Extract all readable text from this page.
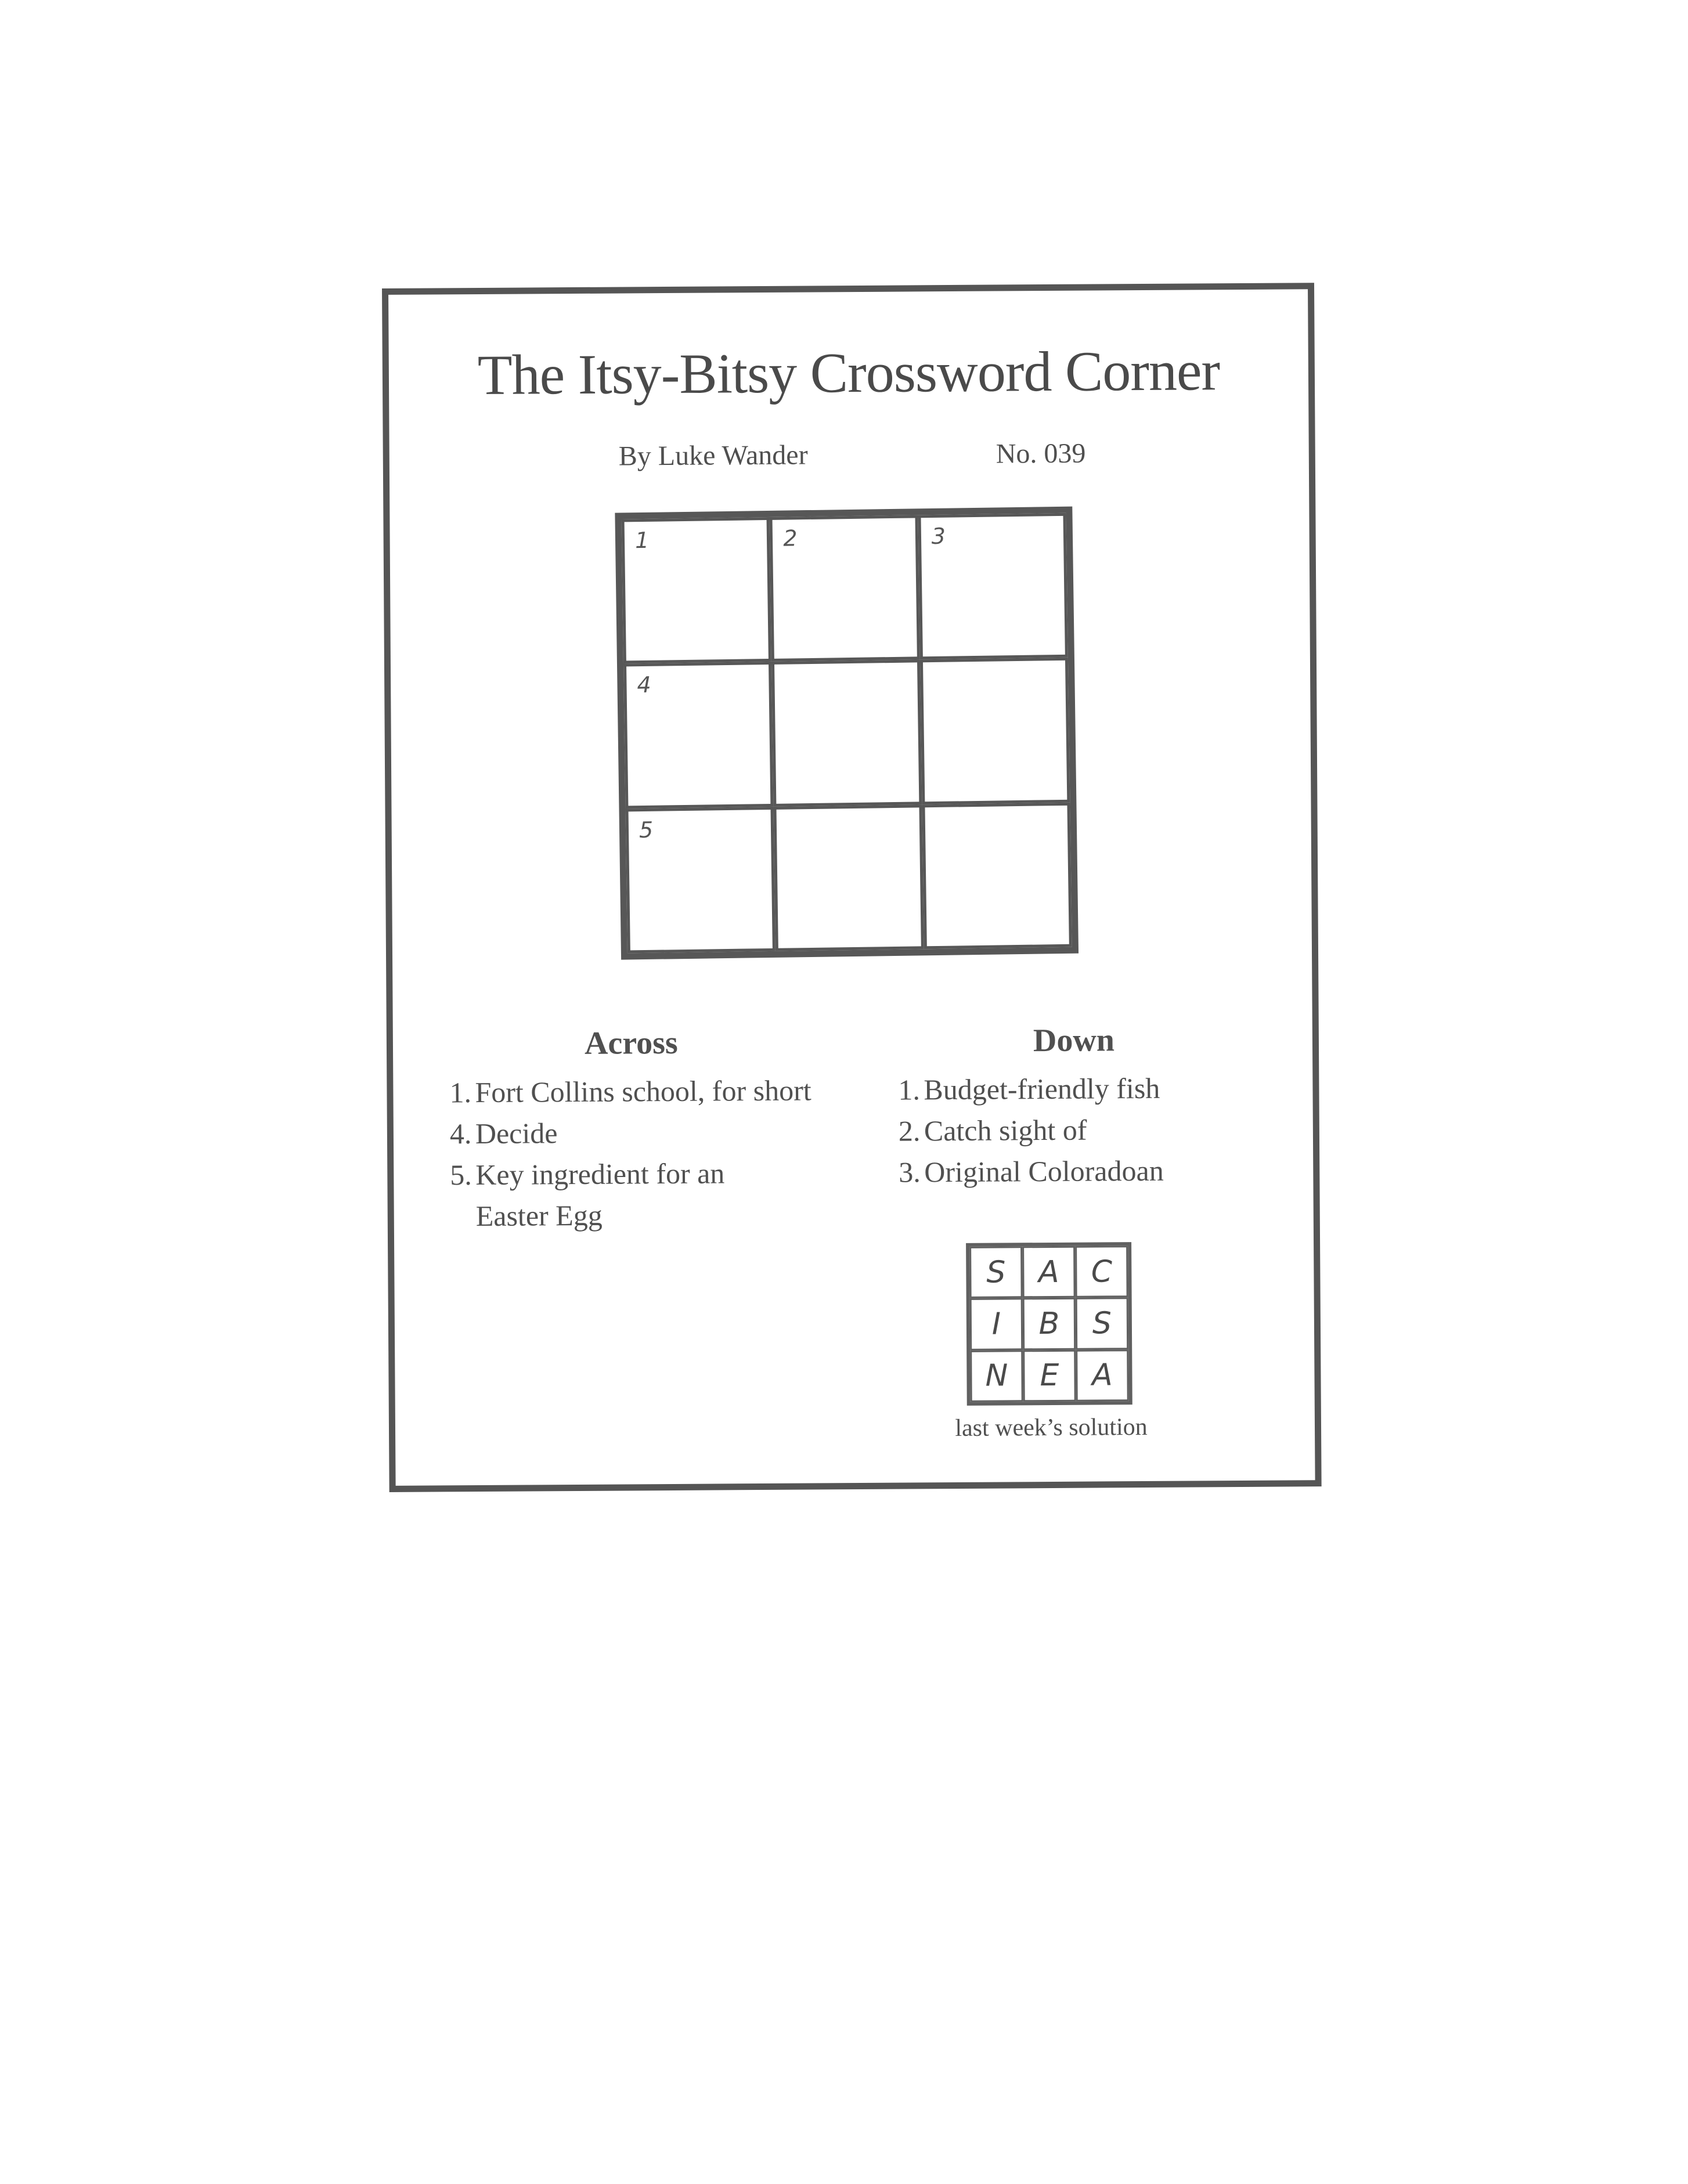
The Itsy-Bitsy Crossword Corner
By Luke Wander	No. 039
1	2	3
4
5
Across
1. Fort Collins school, for short
4. Decide
5. Key ingredient for an Easter Egg
Down
1. Budget-friendly fish
2. Catch sight of
3. Original Coloradoan
S	A	C
I	B	S
N	E	A
last week’s solution
